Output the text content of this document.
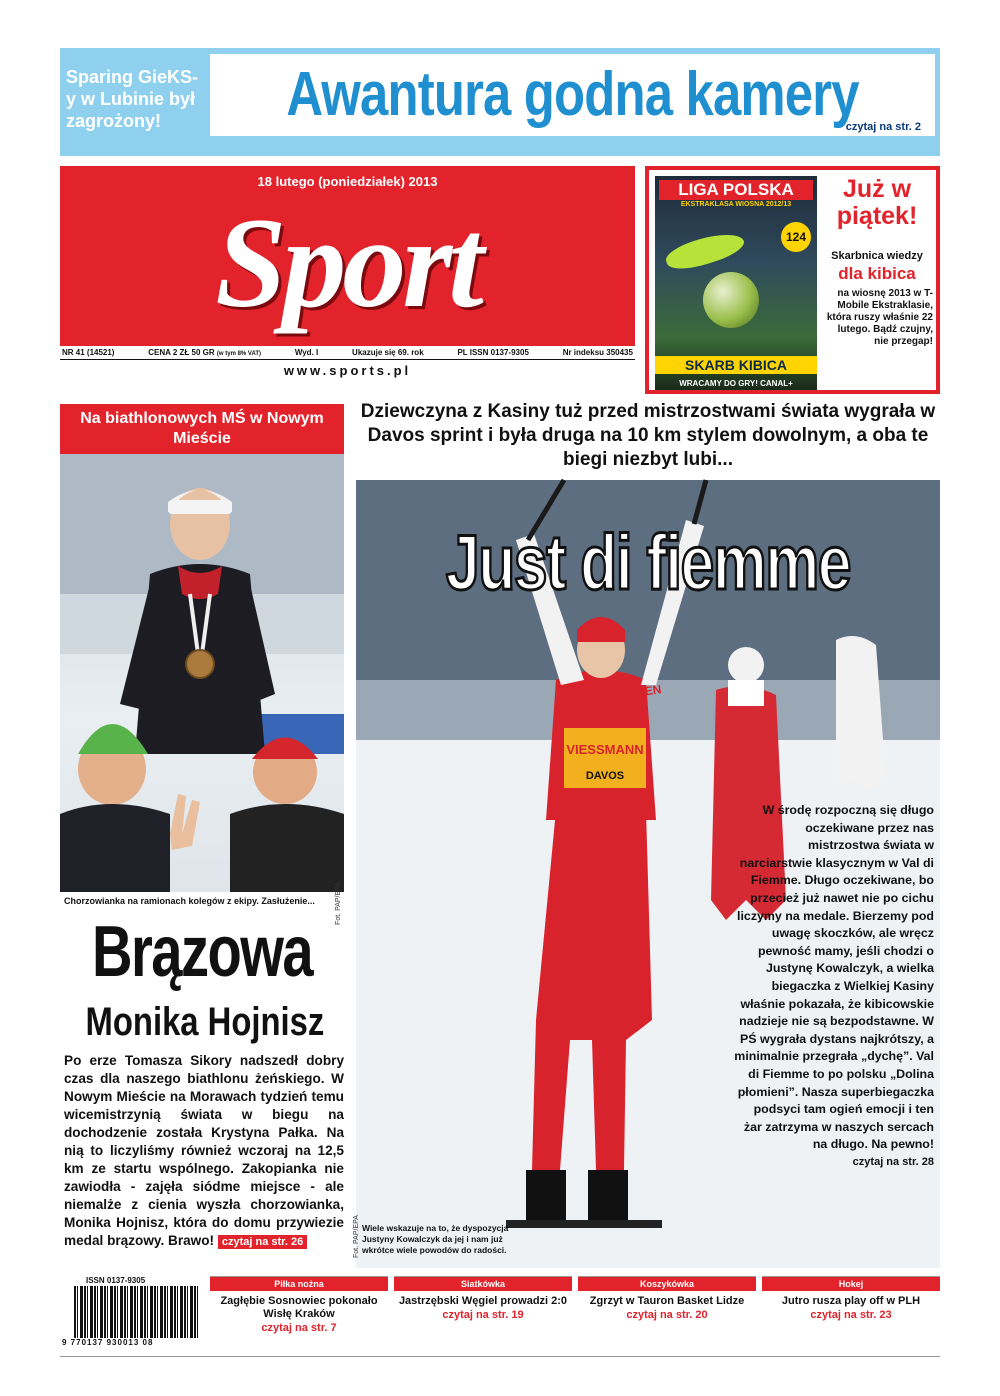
Sparing GieKS-y w Lubinie był zagrożony!	Awantura godna kamery
czytaj na str. 2
18 lutego (poniedziałek) 2013
Sport
NR 41 (14521)	CENA 2 ZŁ 50 GR (w tym 8% VAT)	Wyd. I	Ukazuje się 69. rok	PL ISSN 0137-9305	Nr indeksu 350435
www.sports.pl
LIGA POLSKA
EKSTRAKLASA WIOSNA 2012/13
124
SKARB KIBICA
WRACAMY DO GRY! CANAL+
Już w piątek!
Skarbnica wiedzy
dla kibica
na wiosnę 2013 w T-Mobile Ekstraklasie, która ruszy właśnie 22 lutego. Bądź czujny, nie przegap!
Na biathlonowych MŚ w Nowym Mieście
Fot. PAP/EPA
Chorzowianka na ramionach kolegów z ekipy. Zasłużenie...
Brązowa
Monika Hojnisz
Po erze Tomasza Sikory nadszedł dobry czas dla naszego biathlonu żeńskiego. W Nowym Mieście na Morawach tydzień temu wicemistrzynią świata w biegu na dochodzenie została Krystyna Pałka. Na nią to liczyliśmy również wczoraj na 12,5 km ze startu wspólnego. Zakopianka nie zawiodła - zajęła siódme miejsce - ale niemalże z cienia wyszła chorzowianka, Monika Hojnisz, która do domu przywiezie medal brązowy. Brawo! czytaj na str. 26
Dziewczyna z Kasiny tuż przed mistrzostwami świata wygrała w Davos sprint i była druga na 10 km stylem dowolnym, a oba te biegi niezbyt lubi...
RAIFFEISEN
VIESSMANN
DAVOS
Just di fiemme
Fot. PAP/EPA Wiele wskazuje na to, że dyspozycja Justyny Kowalczyk da jej i nam już wkrótce wiele powodów do radości.
W środę rozpoczną się długo oczekiwane przez nas mistrzostwa świata w narciarstwie klasycznym w Val di Fiemme. Długo oczekiwane, bo przecież już nawet nie po cichu liczymy na medale. Bierzemy pod uwagę skoczków, ale wręcz pewność mamy, jeśli chodzi o Justynę Kowalczyk, a wielka biegaczka z Wielkiej Kasiny właśnie pokazała, że kibicowskie nadzieje nie są bezpodstawne. W PŚ wygrała dystans najkrótszy, a minimalnie przegrała „dychę”. Val di Fiemme to po polsku „Dolina płomieni”. Nasza superbiegaczka podsyci tam ogień emocji i ten żar zatrzyma w naszych sercach na długo. Na pewno!
czytaj na str. 28
ISSN 0137-9305
9 770137 930013 08
Piłka nożna
Zagłębie Sosnowiec pokonało Wisłę Kraków
czytaj na str. 7
Siatkówka
Jastrzębski Węgiel prowadzi 2:0
czytaj na str. 19
Koszykówka
Zgrzyt w Tauron Basket Lidze
czytaj na str. 20
Hokej
Jutro rusza play off w PLH
czytaj na str. 23
